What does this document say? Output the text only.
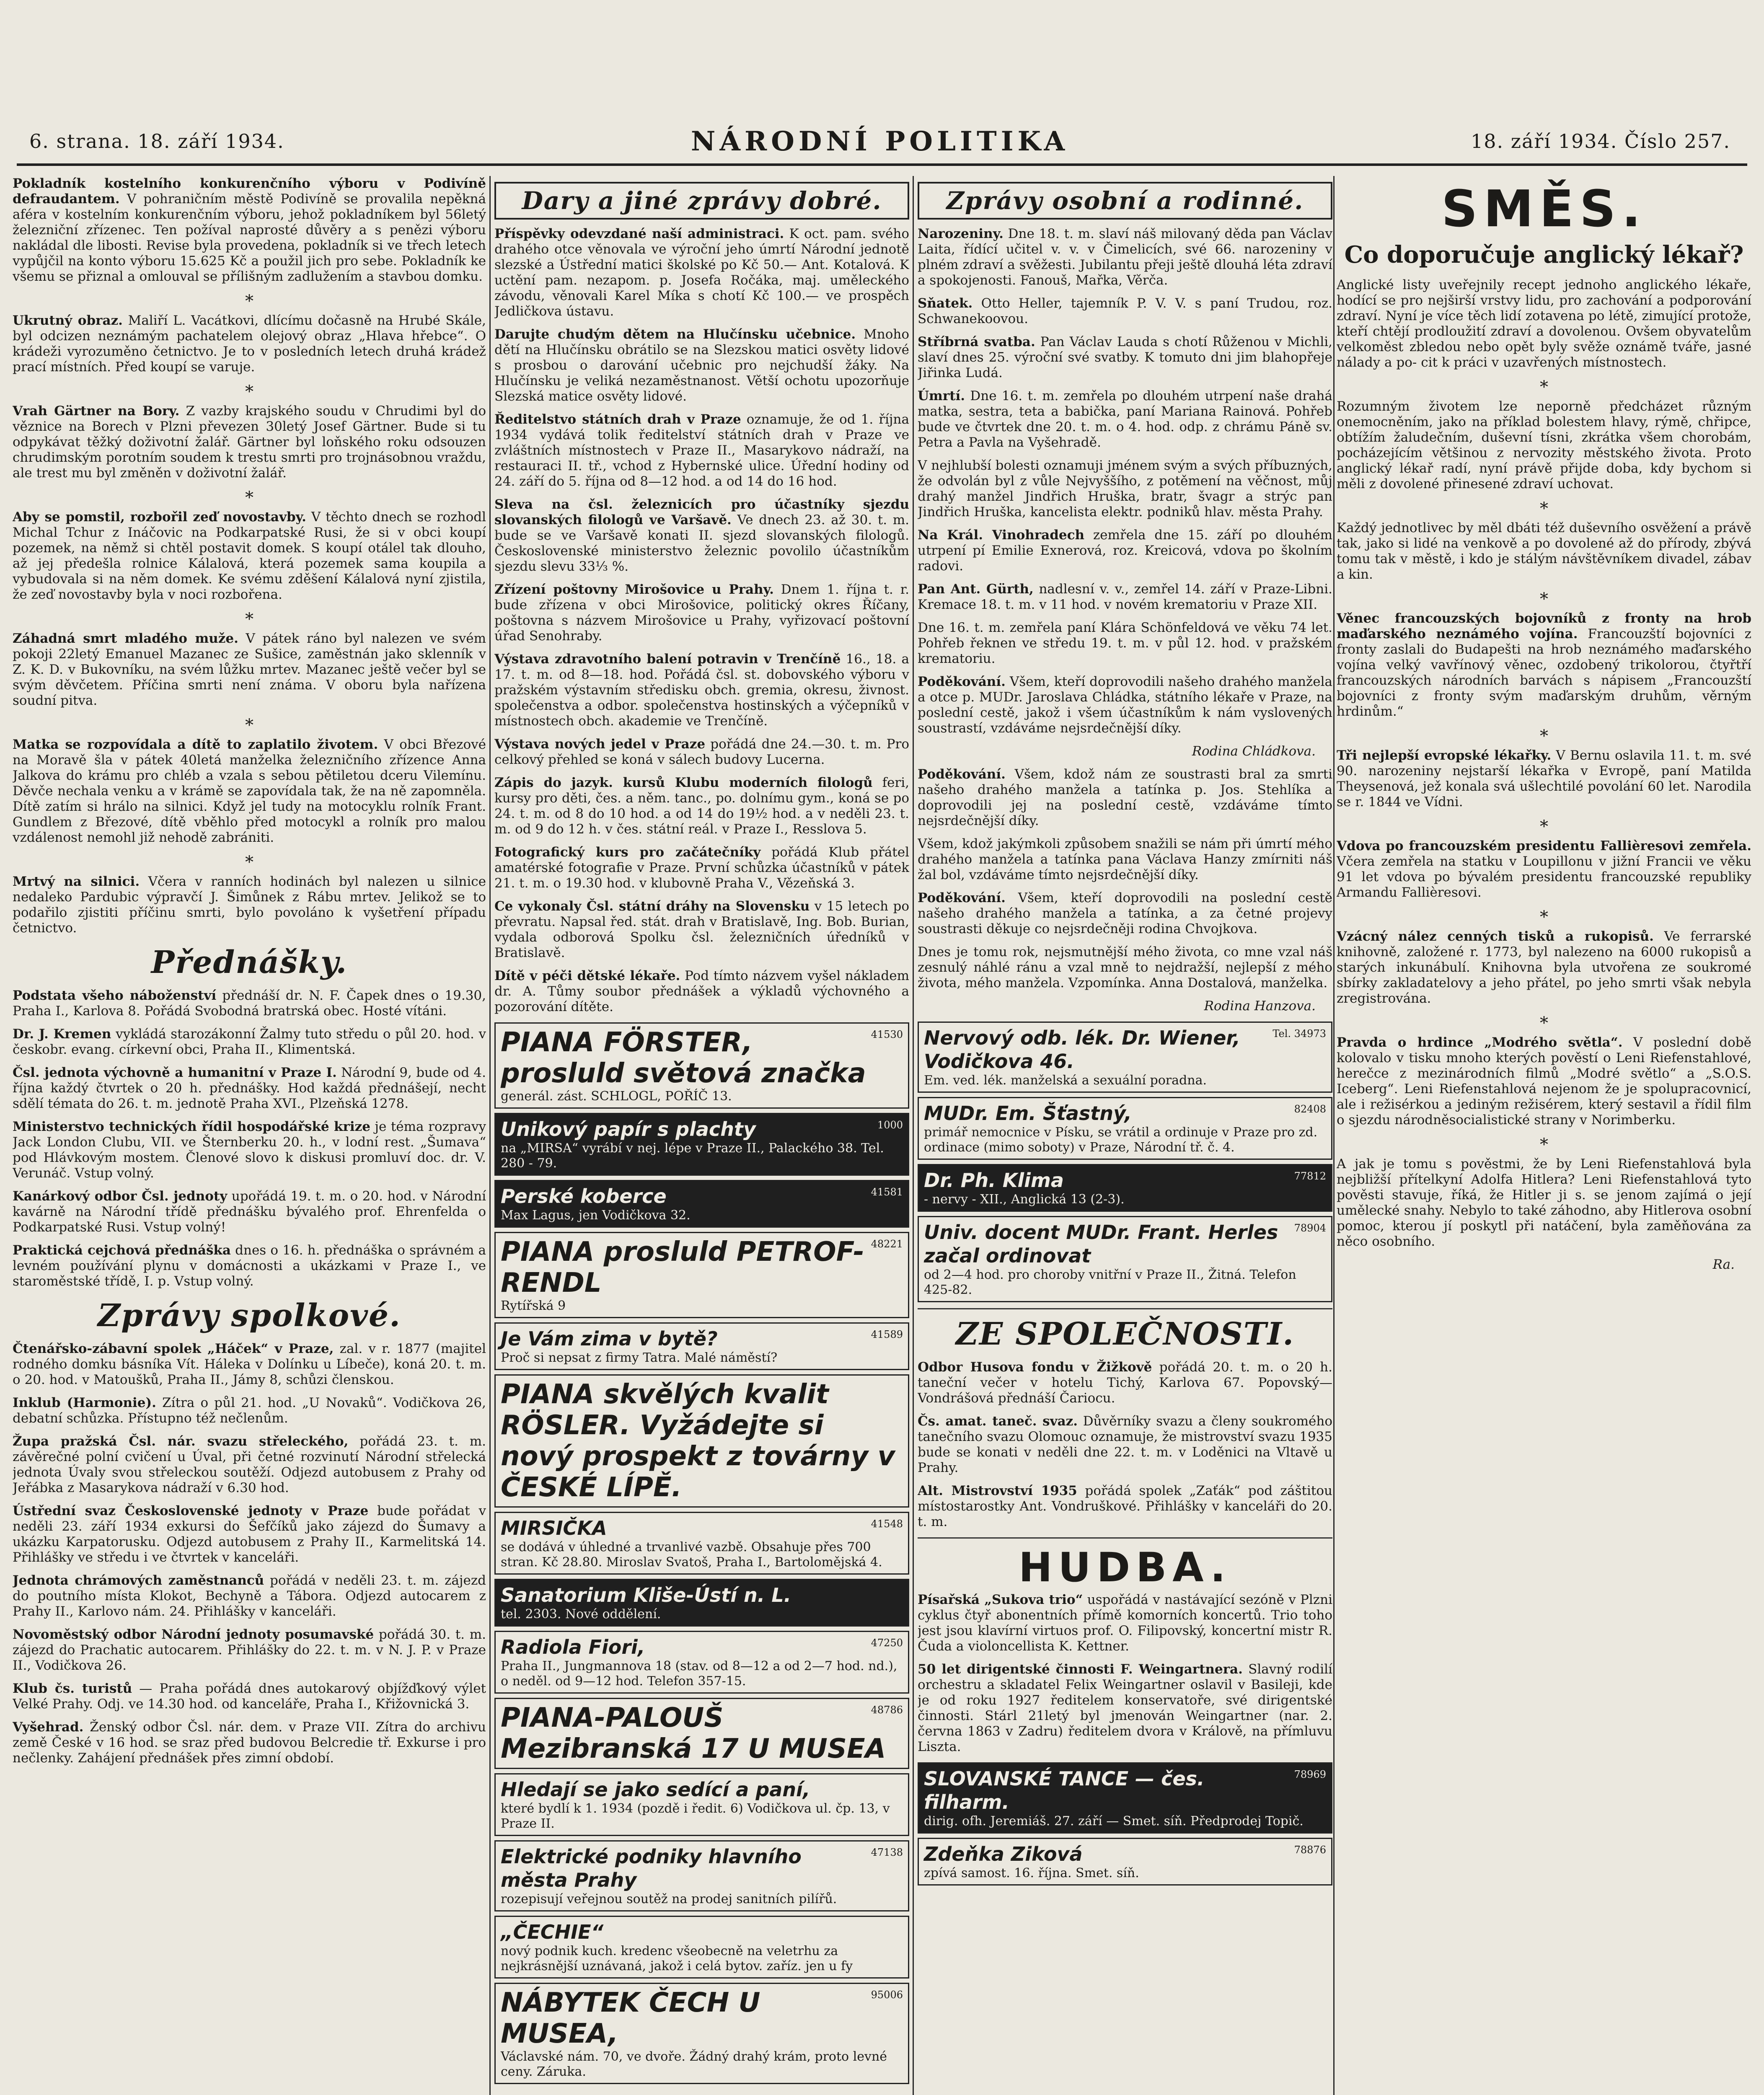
6. strana. 18. září 1934.	NÁRODNÍ POLITIKA	18. září 1934. Číslo 257.

Pokladník kostelního konkurenčního výboru v Podivíně defraudantem. V pohraničním městě Podivíně se provalila nepěkná aféra v kostelním konkurenčním výboru, jehož pokladníkem byl 56letý železniční zřízenec. Ten požíval naprosté důvěry a s penězi výboru nakládal dle libosti. Revise byla provedena, pokladník si ve třech letech vypůjčil na konto výboru 15.625 Kč a použil jich pro sebe. Pokladník ke všemu se přiznal a omlouval se přílišným zadlužením a stavbou domku.

*

Ukrutný obraz. Maliří L. Vacátkovi, dlícímu dočasně na Hrubé Skále, byl odcizen neznámým pachatelem olejový obraz „Hlava hřebce“. O krádeži vyrozuměno četnictvo. Je to v posledních letech druhá krádež prací místních. Před koupí se varuje.

*

Vrah Gärtner na Bory. Z vazby krajského soudu v Chrudimi byl do věznice na Borech v Plzni převezen 30letý Josef Gärtner. Bude si tu odpykávat těžký doživotní žalář. Gärtner byl loňského roku odsouzen chrudimským porotním soudem k trestu smrti pro trojnásobnou vraždu, ale trest mu byl změněn v doživotní žalář.

*

Aby se pomstil, rozbořil zeď novostavby. V těchto dnech se rozhodl Michal Tchur z Ináčovic na Podkarpatské Rusi, že si v obci koupí pozemek, na němž si chtěl postavit domek. S koupí otálel tak dlouho, až jej předešla rolnice Kálalová, která pozemek sama koupila a vybudovala si na něm domek. Ke svému zděšení Kálalová nyní zjistila, že zeď novostavby byla v noci rozbořena.

*

Záhadná smrt mladého muže. V pátek ráno byl nalezen ve svém pokoji 22letý Emanuel Mazanec ze Sušice, zaměstnán jako sklenník v Z. K. D. v Bukovníku, na svém lůžku mrtev. Mazanec ještě večer byl se svým děvčetem. Příčina smrti není známa. V oboru byla nařízena soudní pitva.

*

Matka se rozpovídala a dítě to zaplatilo životem. V obci Březové na Moravě šla v pátek 40letá manželka železničního zřízence Anna Jalkova do krámu pro chléb a vzala s sebou pětiletou dceru Vilemínu. Děvče nechala venku a v krámě se zapovídala tak, že na ně zapomněla. Dítě zatím si hrálo na silnici. Když jel tudy na motocyklu rolník Frant. Gundlem z Březové, dítě vběhlo před motocykl a rolník pro malou vzdálenost nemohl již nehodě zabrániti.

*

Mrtvý na silnici. Včera v ranních hodinách byl nalezen u silnice nedaleko Pardubic výpravčí J. Šimůnek z Rábu mrtev. Jelikož se to podařilo zjistiti příčinu smrti, bylo povoláno k vyšetření případu četnictvo.

Přednášky.

Podstata všeho náboženství přednáší dr. N. F. Čapek dnes o 19.30, Praha I., Karlova 8. Pořádá Svobodná bratrská obec. Hosté vítáni.

Dr. J. Kremen vykládá starozákonní Žalmy tuto středu o půl 20. hod. v českobr. evang. církevní obci, Praha II., Klimentská.

Čsl. jednota výchovně a humanitní v Praze I. Národní 9, bude od 4. října každý čtvrtek o 20 h. přednášky. Hod každá přednášejí, necht sdělí témata do 26. t. m. jednotě Praha XVI., Plzeňská 1278.

Ministerstvo technických řídil hospodářské krize je téma rozpravy Jack London Clubu, VII. ve Šternberku 20. h., v lodní rest. „Šumava“ pod Hlávkovým mostem. Členové slovo k diskusi promluví doc. dr. V. Verunáč. Vstup volný.

Kanárkový odbor Čsl. jednoty upořádá 19. t. m. o 20. hod. v Národní kavárně na Národní třídě přednášku bývalého prof. Ehrenfelda o Podkarpatské Rusi. Vstup volný!

Praktická cejchová přednáška dnes o 16. h. přednáška o správném a levném používání plynu v domácnosti a ukázkami v Praze I., ve staroměstské třídě, I. p. Vstup volný.

Zprávy spolkové.

Čtenářsko-zábavní spolek „Háček“ v Praze, zal. v r. 1877 (majitel rodného domku básníka Vít. Háleka v Dolínku u Líbeče), koná 20. t. m. o 20. hod. v Matoušků, Praha II., Jámy 8, schůzi členskou.

Inklub (Harmonie). Zítra o půl 21. hod. „U Novaků“. Vodičkova 26, debatní schůzka. Přístupno též nečlenům.

Župa pražská Čsl. nár. svazu střeleckého, pořádá 23. t. m. závěrečné polní cvičení u Úval, při četné rozvinutí Národní střelecká jednota Úvaly svou střeleckou soutěží. Odjezd autobusem z Prahy od Jeřábka z Masarykova nádraží v 6.30 hod.

Ústřední svaz Československé jednoty v Praze bude pořádat v neděli 23. září 1934 exkursi do Šefčíků jako zájezd do Šumavy a ukázku Karpatorusku. Odjezd autobusem z Prahy II., Karmelitská 14. Přihlášky ve středu i ve čtvrtek v kanceláři.

Jednota chrámových zaměstnanců pořádá v neděli 23. t. m. zájezd do poutního místa Klokot, Bechyně a Tábora. Odjezd autocarem z Prahy II., Karlovo nám. 24. Přihlášky v kanceláři.

Novoměstský odbor Národní jednoty posumavské pořádá 30. t. m. zájezd do Prachatic autocarem. Přihlášky do 22. t. m. v N. J. P. v Praze II., Vodičkova 26.

Klub čs. turistů — Praha pořádá dnes autokarový objížďkový výlet Velké Prahy. Odj. ve 14.30 hod. od kanceláře, Praha I., Křižovnická 3.

Vyšehrad. Ženský odbor Čsl. nár. dem. v Praze VII. Zítra do archivu země České v 16 hod. se sraz před budovou Belcredie tř. Exkurse i pro nečlenky. Zahájení přednášek přes zimní období.

Dary a jiné zprávy dobré.

Příspěvky odevzdané naší administraci. K oct. pam. svého drahého otce věnovala ve výroční jeho úmrtí Národní jednotě slezské a Ústřední matici školské po Kč 50.— Ant. Kotalová. K uctění pam. nezapom. p. Josefa Ročáka, maj. uměleckého závodu, věnovali Karel Míka s chotí Kč 100.— ve prospěch Jedličkova ústavu.

Darujte chudým dětem na Hlučínsku učebnice. Mnoho dětí na Hlučínsku obrátilo se na Slezskou matici osvěty lidové s prosbou o darování učebnic pro nejchudší žáky. Na Hlučínsku je veliká nezaměstnanost. Větší ochotu upozorňuje Slezská matice osvěty lidové.

Ředitelstvo státních drah v Praze oznamuje, že od 1. října 1934 vydává tolik ředitelství státních drah v Praze ve zvláštních místnostech v Praze II., Masarykovo nádraží, na restauraci II. tř., vchod z Hybernské ulice. Úřední hodiny od 24. září do 5. října od 8—12 hod. a od 14 do 16 hod.

Sleva na čsl. železnicích pro účastníky sjezdu slovanských filologů ve Varšavě. Ve dnech 23. až 30. t. m. bude se ve Varšavě konati II. sjezd slovanských filologů. Československé ministerstvo železnic povolilo účastníkům sjezdu slevu 33⅓ %.

Zřízení poštovny Mirošovice u Prahy. Dnem 1. října t. r. bude zřízena v obci Mirošovice, politický okres Říčany, poštovna s názvem Mirošovice u Prahy, vyřizovací poštovní úřad Senohraby.

Výstava zdravotního balení potravin v Trenčíně 16., 18. a 17. t. m. od 8—18. hod. Pořádá čsl. st. dobovského výboru v pražském výstavním středisku obch. gremia, okresu, živnost. společenstva a odbor. společenstva hostinských a výčepníků v místnostech obch. akademie ve Trenčíně.

Výstava nových jedel v Praze pořádá dne 24.—30. t. m. Pro celkový přehled se koná v sálech budovy Lucerna.

Zápis do jazyk. kursů Klubu moderních filologů feri, kursy pro děti, čes. a něm. tanc., po. dolnímu gym., koná se po 24. t. m. od 8 do 10 hod. a od 14 do 19½ hod. a v neděli 23. t. m. od 9 do 12 h. v čes. státní reál. v Praze I., Resslova 5.

Fotografický kurs pro začátečníky pořádá Klub přátel amatérské fotografie v Praze. První schůzka účastníků v pátek 21. t. m. o 19.30 hod. v klubovně Praha V., Vězeňská 3.

Ce vykonaly Čsl. státní dráhy na Slovensku v 15 letech po převratu. Napsal řed. stát. drah v Bratislavě, Ing. Bob. Burian, vydala odborová Spolku čsl. železničních úředníků v Bratislavě.

Dítě v péči dětské lékaře. Pod tímto názvem vyšel nákladem dr. A. Tůmy soubor přednášek a výkladů výchovného a pozorování dítěte.

41530
PIANA FÖRSTER, prosluld světová značka
generál. zást. SCHLOGL, POŘÍČ 13.
1000
Unikový papír s plachty
na „MIRSA“ vyrábí v nej. lépe v Praze II., Palackého 38. Tel. 280 - 79.
41581
Perské koberce
Max Lagus, jen Vodičkova 32.
48221
PIANA prosluld PETROF-RENDL
Rytířská 9
41589
Je Vám zima v bytě?
Proč si nepsat z firmy Tatra. Malé náměstí?
PIANA skvělých kvalit RÖSLER. Vyžádejte si nový prospekt z továrny v ČESKÉ LÍPĚ.
41548
MIRSIČKA
se dodává v úhledné a trvanlivé vazbě. Obsahuje přes 700 stran. Kč 28.80. Miroslav Svatoš, Praha I., Bartolomějská 4.
Sanatorium Kliše-Ústí n. L.
tel. 2303. Nové oddělení.
47250
Radiola Fiori,
Praha II., Jungmannova 18 (stav. od 8—12 a od 2—7 hod. nd.), o neděl. od 9—12 hod. Telefon 357-15.
48786
PIANA-PALOUŠ Mezibranská 17 U MUSEA
Hledají se jako sedící a paní,
které bydlí k 1. 1934 (pozdě i ředit. 6) Vodičkova ul. čp. 13, v Praze II.
47138
Elektrické podniky hlavního města Prahy
rozepisují veřejnou soutěž na prodej sanitních pilířů.
„ČECHIE“
nový podnik kuch. kredenc všeobecně na veletrhu za nejkrásnější uznávaná, jakož i celá bytov. zaříz. jen u fy
95006
NÁBYTEK ČECH U MUSEA,
Václavské nám. 70, ve dvoře. Žádný drahý krám, proto levné ceny. Záruka.
Zprávy osobní a rodinné.

Narozeniny. Dne 18. t. m. slaví náš milovaný děda pan Václav Laita, řídící učitel v. v. v Čimelicích, své 66. narozeniny v plném zdraví a svěžesti. Jubilantu přeji ještě dlouhá léta zdraví a spokojenosti. Fanouš, Mařka, Věrča.

Sňatek. Otto Heller, tajemník P. V. V. s paní Trudou, roz. Schwanekoovou.

Stříbrná svatba. Pan Václav Lauda s chotí Růženou v Michli, slaví dnes 25. výroční své svatby. K tomuto dni jim blahopřeje Jiřinka Ludá.

Úmrtí. Dne 16. t. m. zemřela po dlouhém utrpení naše drahá matka, sestra, teta a babička, paní Mariana Rainová. Pohřeb bude ve čtvrtek dne 20. t. m. o 4. hod. odp. z chrámu Páně sv. Petra a Pavla na Vyšehradě.

V nejhlubší bolesti oznamuji jménem svým a svých příbuzných, že odvolán byl z vůle Nejvyššího, z potěmení na věčnost, můj drahý manžel Jindřich Hruška, bratr, švagr a strýc pan Jindřich Hruška, kancelista elektr. podniků hlav. města Prahy.

Na Král. Vinohradech zemřela dne 15. září po dlouhém utrpení pí Emilie Exnerová, roz. Kreicová, vdova po školním radovi.

Pan Ant. Gürth, nadlesní v. v., zemřel 14. září v Praze-Libni. Kremace 18. t. m. v 11 hod. v novém krematoriu v Praze XII.

Dne 16. t. m. zemřela paní Klára Schönfeldová ve věku 74 let. Pohřeb řeknen ve středu 19. t. m. v půl 12. hod. v pražském krematoriu.

Poděkování. Všem, kteří doprovodili našeho drahého manžela a otce p. MUDr. Jaroslava Chládka, státního lékaře v Praze, na poslední cestě, jakož i všem účastníkům k nám vyslovených soustrastí, vzdáváme nejsrdečnější díky.

Rodina Chládkova.

Poděkování. Všem, kdož nám ze soustrasti bral za smrti našeho drahého manžela a tatínka p. Jos. Stehlíka a doprovodili jej na poslední cestě, vzdáváme tímto nejsrdečnější díky.

Všem, kdož jakýmkoli způsobem snažili se nám při úmrtí mého drahého manžela a tatínka pana Václava Hanzy zmírniti náš žal bol, vzdáváme tímto nejsrdečnější díky.

Poděkování. Všem, kteří doprovodili na poslední cestě našeho drahého manžela a tatínka, a za četné projevy soustrasti děkuje co nejsrdečněji rodina Chvojkova.

Dnes je tomu rok, nejsmutnější mého života, co mne vzal náš zesnulý náhlé ránu a vzal mně to nejdražší, nejlepší z mého života, mého manžela. Vzpomínka. Anna Dostalová, manželka.

Rodina Hanzova.
Tel. 34973
Nervový odb. lék. Dr. Wiener, Vodičkova 46.
Em. ved. lék. manželská a sexuální poradna.
82408
MUDr. Em. Šťastný,
primář nemocnice v Písku, se vrátil a ordinuje v Praze pro zd. ordinace (mimo soboty) v Praze, Národní tř. č. 4.
77812
Dr. Ph. Klima
- nervy - XII., Anglická 13 (2-3).
78904
Univ. docent MUDr. Frant. Herles začal ordinovat
od 2—4 hod. pro choroby vnitřní v Praze II., Žitná. Telefon 425-82.
ZE SPOLEČNOSTI.

Odbor Husova fondu v Žižkově pořádá 20. t. m. o 20 h. taneční večer v hotelu Tichý, Karlova 67. Popovský—Vondrášová přednáší Čariocu.

Čs. amat. taneč. svaz. Důvěrníky svazu a členy soukromého tanečního svazu Olomouc oznamuje, že mistrovství svazu 1935 bude se konati v neděli dne 22. t. m. v Loděnici na Vltavě u Prahy.

Alt. Mistrovství 1935 pořádá spolek „Zaťák“ pod záštitou místostarostky Ant. Vondruškové. Přihlášky v kanceláři do 20. t. m.

HUDBA.

Písařská „Sukova trio“ uspořádá v nastávající sezóně v Plzni cyklus čtyř abonentních přímě komorních koncertů. Trio toho jest jsou klavírní virtuos prof. O. Filipovský, koncertní mistr R. Čuda a violoncellista K. Kettner.

50 let dirigentské činnosti F. Weingartnera. Slavný rodilí orchestru a skladatel Felix Weingartner oslavil v Basileji, kde je od roku 1927 ředitelem konservatoře, své dirigentské činnosti. Stárl 21letý byl jmenován Weingartner (nar. 2. června 1863 v Zadru) ředitelem dvora v Králově, na přímluvu Liszta.

78969
SLOVANSKÉ TANCE — čes. filharm.
dirig. ofh. Jeremiáš. 27. září — Smet. síň. Předprodej Topič.
78876
Zdeňka Ziková
zpívá samost. 16. října. Smet. síň.
SMĚS.
Co doporučuje anglický lékař?

Anglické listy uveřejnily recept jednoho anglického lékaře, hodící se pro nejširší vrstvy lidu, pro zachování a podporování zdraví. Nyní je více těch lidí zotavena po létě, zimující protože, kteří chtějí prodloužití zdraví a dovolenou. Ovšem obyvatelům velkoměst zbledou nebo opět byly svěže oznámě tváře, jasné nálady a po- cit k práci v uzavřených místnostech.

*

Rozumným životem lze neporně předcházet různým onemocněním, jako na příklad bolestem hlavy, rýmě, chřipce, obtížím žaludečním, duševní tísni, zkrátka všem chorobám, pocházejícím většinou z nervozity městského života. Proto anglický lékař radí, nyní právě přijde doba, kdy bychom si měli z dovolené přinesené zdraví uchovat.

*

Každý jednotlivec by měl dbáti též duševního osvěžení a právě tak, jako si lidé na venkově a po dovolené až do přírody, zbývá tomu tak v městě, i kdo je stálým návštěvníkem divadel, zábav a kin.

*

Věnec francouzských bojovníků z fronty na hrob maďarského neznámého vojína. Francouzští bojovníci z fronty zaslali do Budapešti na hrob neznámého maďarského vojína velký vavřínový věnec, ozdobený trikolorou, čtyřtří francouzských národních barvách s nápisem „Francouzští bojovníci z fronty svým maďarským druhům, věrným hrdinům.“

*

Tři nejlepší evropské lékařky. V Bernu oslavila 11. t. m. své 90. narozeniny nejstarší lékařka v Evropě, paní Matilda Theysenová, jež konala svá ušlechtilé povolání 60 let. Narodila se r. 1844 ve Vídni.

*

Vdova po francouzském presidentu Fallièresovi zemřela. Včera zemřela na statku v Loupillonu v jižní Francii ve věku 91 let vdova po bývalém presidentu francouzské republiky Armandu Fallièresovi.

*

Vzácný nález cenných tisků a rukopisů. Ve ferrarské knihovně, založené r. 1773, byl nalezeno na 6000 rukopisů a starých inkunábulí. Knihovna byla utvořena ze soukromé sbírky zakladatelovy a jeho přátel, po jeho smrti však nebyla zregistrována.

*

Pravda o hrdince „Modrého světla“. V poslední době kolovalo v tisku mnoho kterých pověstí o Leni Riefenstahlové, herečce z mezinárodních filmů „Modré světlo“ a „S.O.S. Iceberg“. Leni Riefenstahlová nejenom že je spolupracovnicí, ale i režisérkou a jediným režisérem, který sestavil a řídil film o sjezdu národněsocialistické strany v Norimberku.

*

A jak je tomu s pověstmi, že by Leni Riefenstahlová byla nejbližší přítelkyní Adolfa Hitlera? Leni Riefenstahlová tyto pověsti stavuje, říká, že Hitler ji s. se jenom zajímá o její umělecké snahy. Nebylo to také záhodno, aby Hitlerova osobní pomoc, kterou jí poskytl při natáčení, byla zaměňována za něco osobního.

Ra.
